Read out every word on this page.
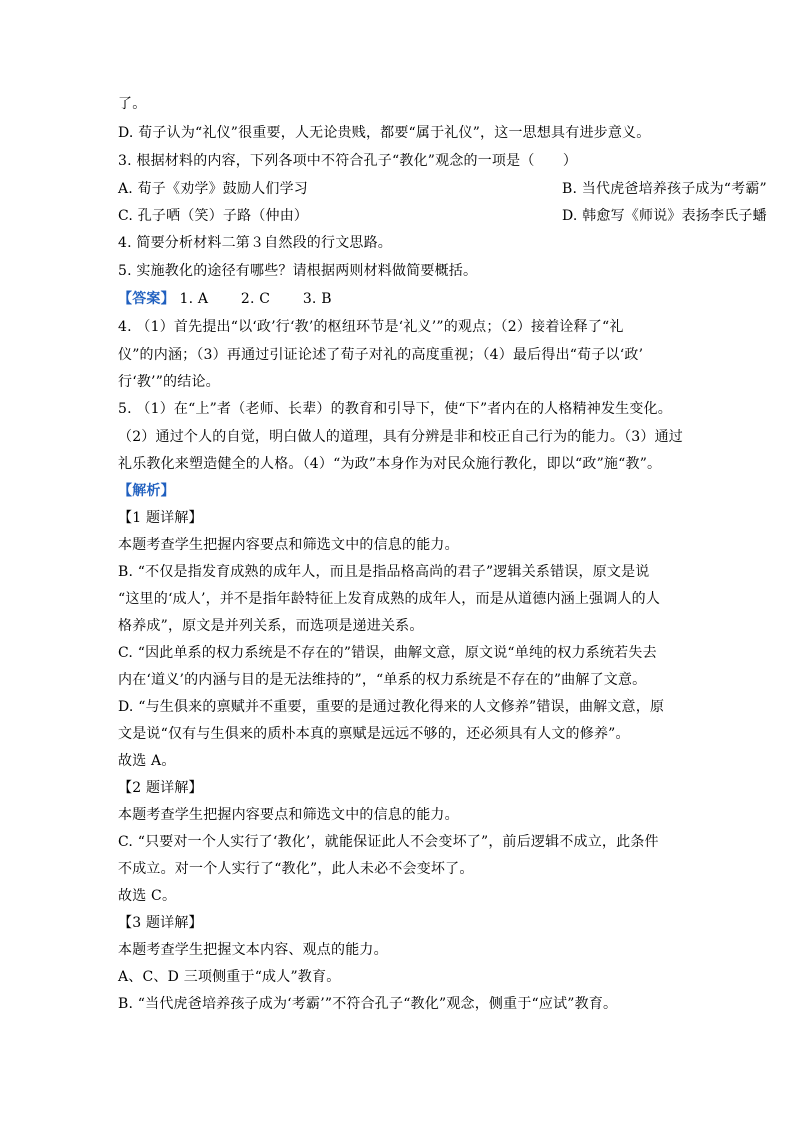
了。
D. 荀子认为“礼仪”很重要，人无论贵贱，都要“属于礼仪”，这一思想具有进步意义。
3. 根据材料的内容，下列各项中不符合孔子“教化”观念的一项是（　　）
A. 荀子《劝学》鼓励人们学习	B. 当代虎爸培养孩子成为“考霸”
C. 孔子哂（笑）子路（仲由）	D. 韩愈写《师说》表扬李氏子蟠
4. 简要分析材料二第３自然段的行文思路。
5. 实施教化的途径有哪些？请根据两则材料做简要概括。
【答案】 1. A 2. C 3. B
4. （1）首先提出“以‘政’行‘教’的枢纽环节是‘礼义’”的观点；（2）接着诠释了“礼
仪”的内涵；（3）再通过引证论述了荀子对礼的高度重视；（4）最后得出“荀子以‘政’
行‘教’”的结论。
5. （1）在“上”者（老师、长辈）的教育和引导下，使“下”者内在的人格精神发生变化。
（2）通过个人的自觉，明白做人的道理，具有分辨是非和校正自己行为的能力。（3）通过
礼乐教化来塑造健全的人格。（4）“为政”本身作为对民众施行教化，即以“政”施“教”。
【解析】
【1 题详解】
本题考查学生把握内容要点和筛选文中的信息的能力。
B. “不仅是指发育成熟的成年人，而且是指品格高尚的君子”逻辑关系错误，原文是说
“这里的‘成人’，并不是指年龄特征上发育成熟的成年人，而是从道德内涵上强调人的人
格养成”，原文是并列关系，而选项是递进关系。
C. “因此单系的权力系统是不存在的”错误，曲解文意，原文说“单纯的权力系统若失去
内在‘道义’的内涵与目的是无法维持的”，“单系的权力系统是不存在的”曲解了文意。
D. “与生俱来的禀赋并不重要，重要的是通过教化得来的人文修养”错误，曲解文意，原
文是说“仅有与生俱来的质朴本真的禀赋是远远不够的，还必须具有人文的修养”。
故选 A。
【2 题详解】
本题考查学生把握内容要点和筛选文中的信息的能力。
C. “只要对一个人实行了‘教化’，就能保证此人不会变坏了”，前后逻辑不成立，此条件
不成立。对一个人实行了“教化”，此人未必不会变坏了。
故选 C。
【3 题详解】
本题考查学生把握文本内容、观点的能力。
A、C、D 三项侧重于“成人”教育。
B. “当代虎爸培养孩子成为‘考霸’”不符合孔子“教化”观念，侧重于“应试”教育。
